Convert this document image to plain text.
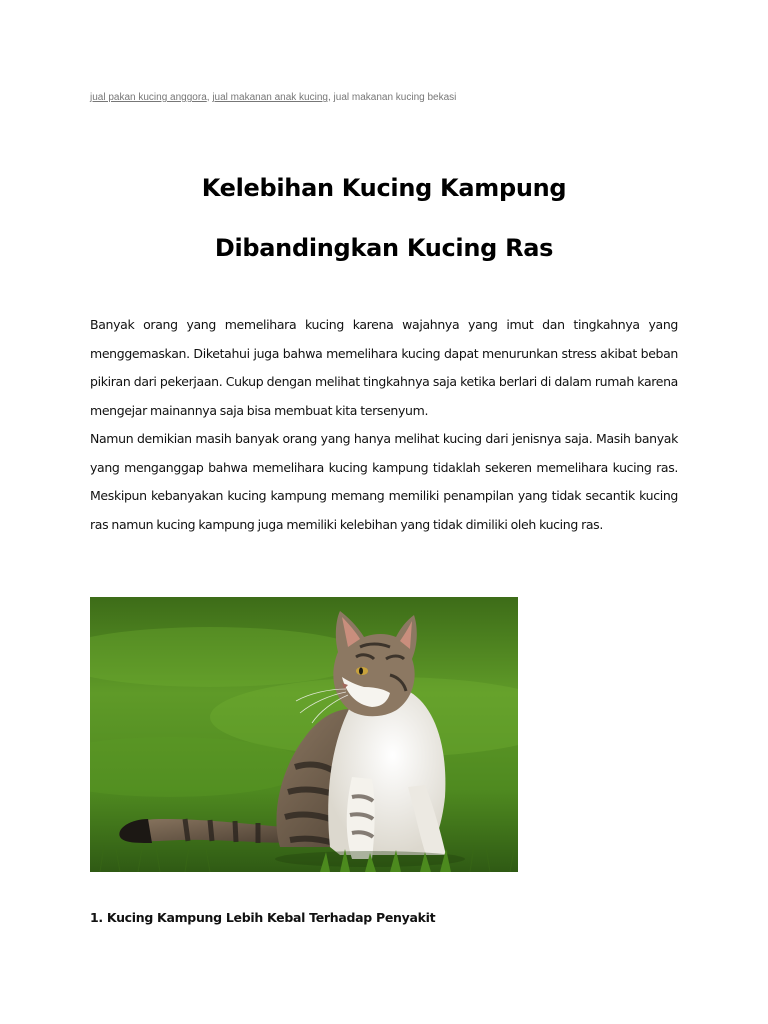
jual pakan kucing anggora, jual makanan anak kucing, jual makanan kucing bekasi
Kelebihan Kucing Kampung
Dibandingkan Kucing Ras
Banyak orang yang memelihara kucing karena wajahnya yang imut dan tingkahnya yang menggemaskan. Diketahui juga bahwa memelihara kucing dapat menurunkan stress akibat beban pikiran dari pekerjaan. Cukup dengan melihat tingkahnya saja ketika berlari di dalam rumah karena mengejar mainannya saja bisa membuat kita tersenyum.
Namun demikian masih banyak orang yang hanya melihat kucing dari jenisnya saja. Masih banyak yang menganggap bahwa memelihara kucing kampung tidaklah sekeren memelihara kucing ras. Meskipun kebanyakan kucing kampung memang memiliki penampilan yang tidak secantik kucing ras namun kucing kampung juga memiliki kelebihan yang tidak dimiliki oleh kucing ras.
1. Kucing Kampung Lebih Kebal Terhadap Penyakit
